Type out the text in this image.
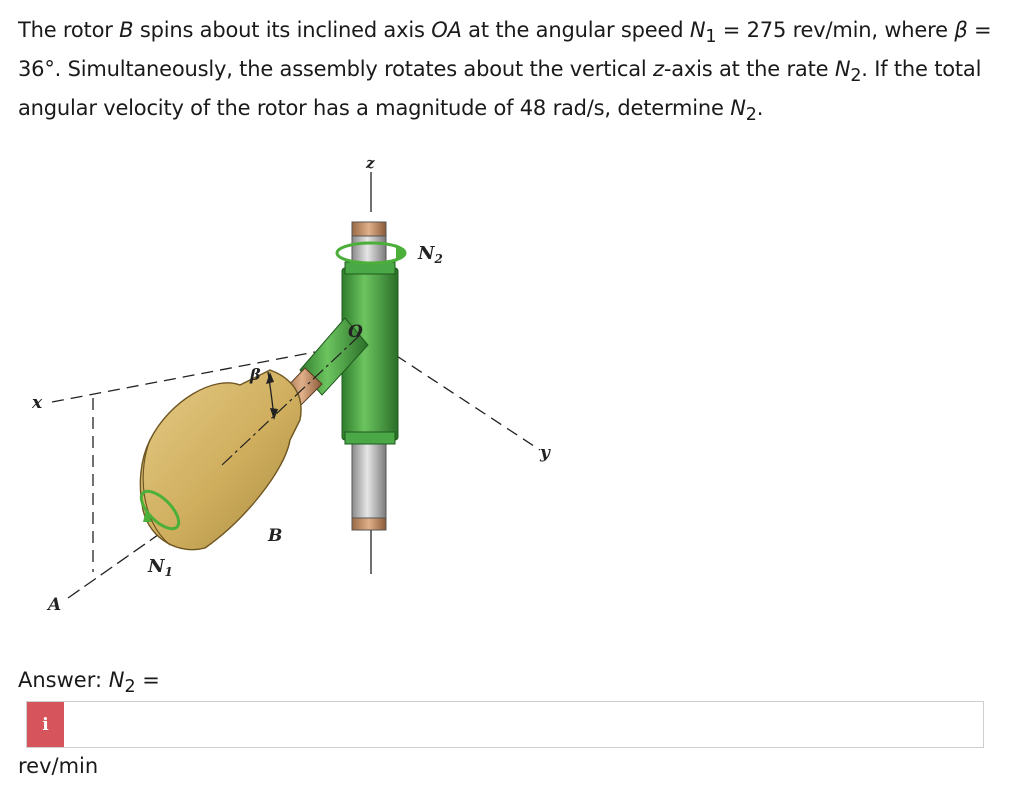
The rotor B spins about its inclined axis OA at the angular speed $N_1 = 275$ rev/min, where β = 36°. Simultaneously, the assembly rotates about the vertical z-axis at the rate $N_2$. If the total angular velocity of the rotor has a magnitude of 48 rad/s, determine $N_2$.
z
x
y
O
A
B
β
$N_2$
$N_1$
Answer: $N_2$ =
i
rev/min
